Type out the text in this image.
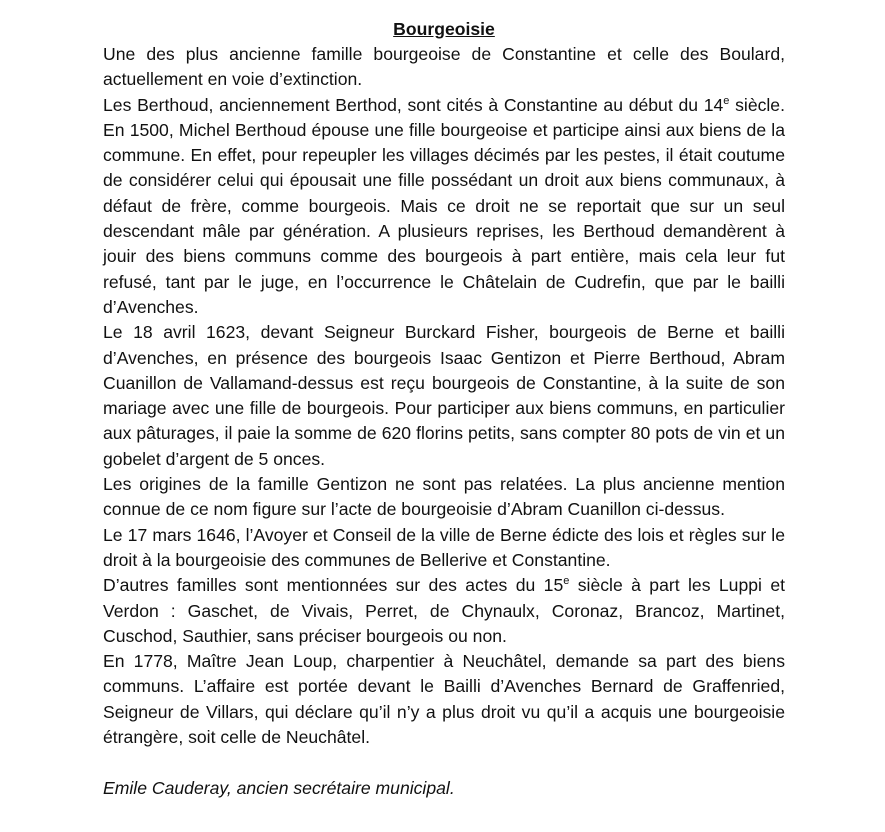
Bourgeoisie

Une des plus ancienne famille bourgeoise de Constantine et celle des Boulard, actuellement en voie d’extinction.

Les Berthoud, anciennement Berthod, sont cités à Constantine au début du 14e siècle. En 1500, Michel Berthoud épouse une fille bourgeoise et participe ainsi aux biens de la commune. En effet, pour repeupler les villages décimés par les pestes, il était coutume de considérer celui qui épousait une fille possédant un droit aux biens communaux, à défaut de frère, comme bourgeois. Mais ce droit ne se reportait que sur un seul descendant mâle par génération. A plusieurs reprises, les Berthoud demandèrent à jouir des biens communs comme des bourgeois à part entière, mais cela leur fut refusé, tant par le juge, en l’occurrence le Châtelain de Cudrefin, que par le bailli d’Avenches.

Le 18 avril 1623, devant Seigneur Burckard Fisher, bourgeois de Berne et bailli d’Avenches, en présence des bourgeois Isaac Gentizon et Pierre Berthoud, Abram Cuanillon de Vallamand-dessus est reçu bourgeois de Constantine, à la suite de son mariage avec une fille de bourgeois. Pour participer aux biens communs, en particulier aux pâturages, il paie la somme de 620 florins petits, sans compter 80 pots de vin et un gobelet d’argent de 5 onces.

Les origines de la famille Gentizon ne sont pas relatées. La plus ancienne mention connue de ce nom figure sur l’acte de bourgeoisie d’Abram Cuanillon ci-dessus.

Le 17 mars 1646, l’Avoyer et Conseil de la ville de Berne édicte des lois et règles sur le droit à la bourgeoisie des communes de Bellerive et Constantine.

D’autres familles sont mentionnées sur des actes du 15e siècle à part les Luppi et Verdon : Gaschet, de Vivais, Perret, de Chynaulx, Coronaz, Brancoz, Martinet, Cuschod, Sauthier, sans préciser bourgeois ou non.

En 1778, Maître Jean Loup, charpentier à Neuchâtel, demande sa part des biens communs. L’affaire est portée devant le Bailli d’Avenches Bernard de Graffenried, Seigneur de Villars, qui déclare qu’il n’y a plus droit vu qu’il a acquis une bourgeoisie étrangère, soit celle de Neuchâtel.

Emile Cauderay, ancien secrétaire municipal.
